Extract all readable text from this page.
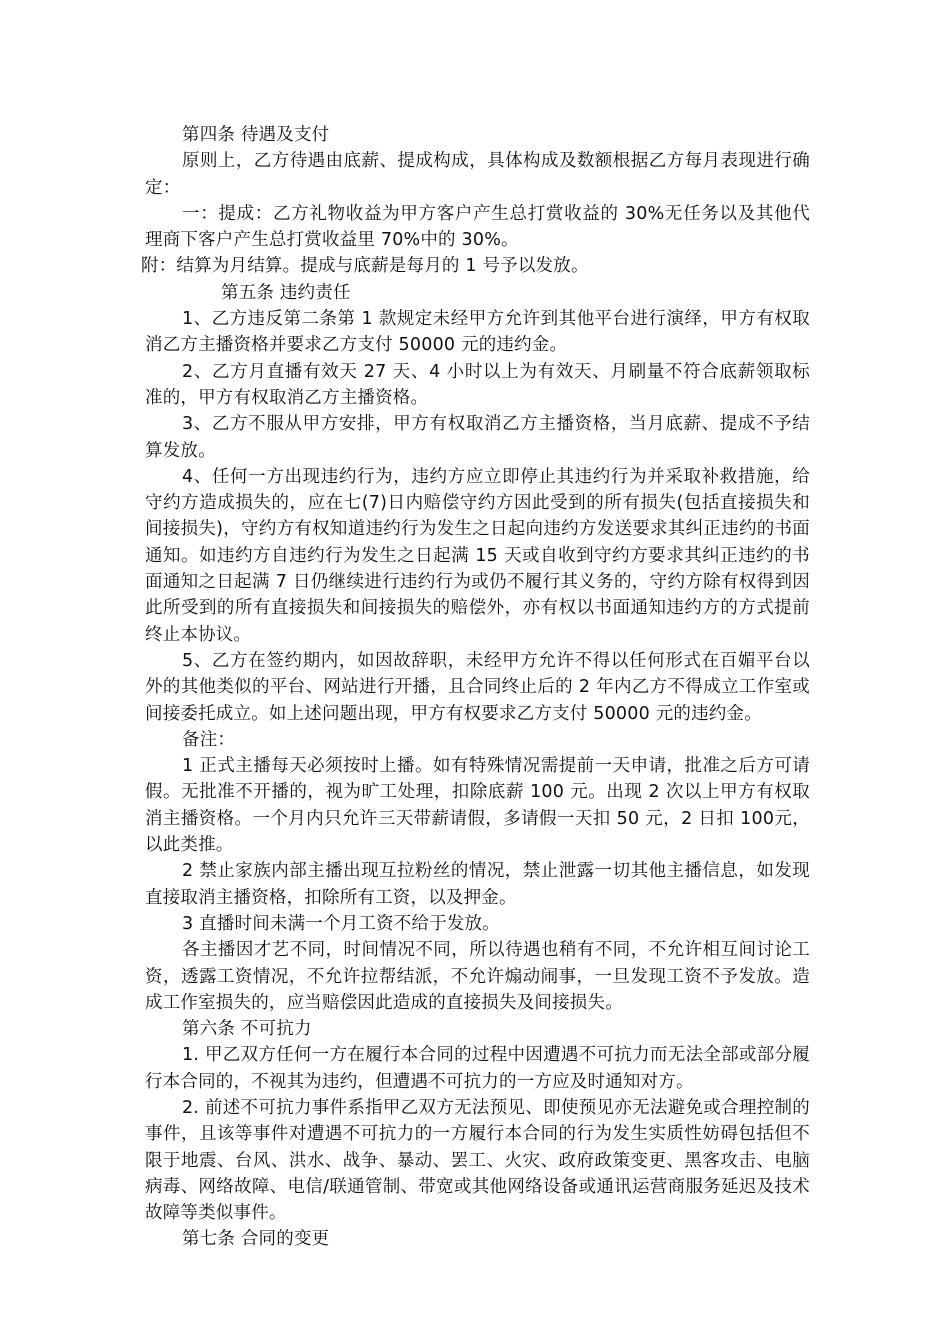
第四条 待遇及支付

原则上，乙方待遇由底薪、提成构成，具体构成及数额根据乙方每月表现进行确定：

一：提成：乙方礼物收益为甲方客户产生总打赏收益的 30%无任务以及其他代理商下客户产生总打赏收益里 70%中的 30%。

附：结算为月结算。提成与底薪是每月的 1 号予以发放。

第五条 违约责任

1、乙方违反第二条第 1 款规定未经甲方允许到其他平台进行演绎，甲方有权取消乙方主播资格并要求乙方支付 50000 元的违约金。

2、乙方月直播有效天 27 天、4 小时以上为有效天、月刷量不符合底薪领取标准的，甲方有权取消乙方主播资格。

3、乙方不服从甲方安排，甲方有权取消乙方主播资格，当月底薪、提成不予结算发放。

4、任何一方出现违约行为，违约方应立即停止其违约行为并采取补救措施，给守约方造成损失的，应在七(7)日内赔偿守约方因此受到的所有损失(包括直接损失和间接损失)，守约方有权知道违约行为发生之日起向违约方发送要求其纠正违约的书面通知。如违约方自违约行为发生之日起满 15 天或自收到守约方要求其纠正违约的书面通知之日起满 7 日仍继续进行违约行为或仍不履行其义务的，守约方除有权得到因此所受到的所有直接损失和间接损失的赔偿外，亦有权以书面通知违约方的方式提前终止本协议。

5、乙方在签约期内，如因故辞职，未经甲方允许不得以任何形式在百媚平台以外的其他类似的平台、网站进行开播，且合同终止后的 2 年内乙方不得成立工作室或间接委托成立。如上述问题出现，甲方有权要求乙方支付 50000 元的违约金。

备注：

1 正式主播每天必须按时上播。如有特殊情况需提前一天申请，批准之后方可请假。无批准不开播的，视为旷工处理，扣除底薪 100 元。出现 2 次以上甲方有权取消主播资格。一个月内只允许三天带薪请假，多请假一天扣 50 元，2 日扣 100元，以此类推。

2 禁止家族内部主播出现互拉粉丝的情况，禁止泄露一切其他主播信息，如发现直接取消主播资格，扣除所有工资，以及押金。

3 直播时间未满一个月工资不给于发放。

各主播因才艺不同，时间情况不同，所以待遇也稍有不同，不允许相互间讨论工资，透露工资情况，不允许拉帮结派，不允许煽动闹事，一旦发现工资不予发放。造成工作室损失的，应当赔偿因此造成的直接损失及间接损失。

第六条 不可抗力

1. 甲乙双方任何一方在履行本合同的过程中因遭遇不可抗力而无法全部或部分履行本合同的，不视其为违约，但遭遇不可抗力的一方应及时通知对方。

2. 前述不可抗力事件系指甲乙双方无法预见、即使预见亦无法避免或合理控制的事件，且该等事件对遭遇不可抗力的一方履行本合同的行为发生实质性妨碍包括但不限于地震、台风、洪水、战争、暴动、罢工、火灾、政府政策变更、黑客攻击、电脑病毒、网络故障、电信/联通管制、带宽或其他网络设备或通讯运营商服务延迟及技术故障等类似事件。

第七条 合同的变更
